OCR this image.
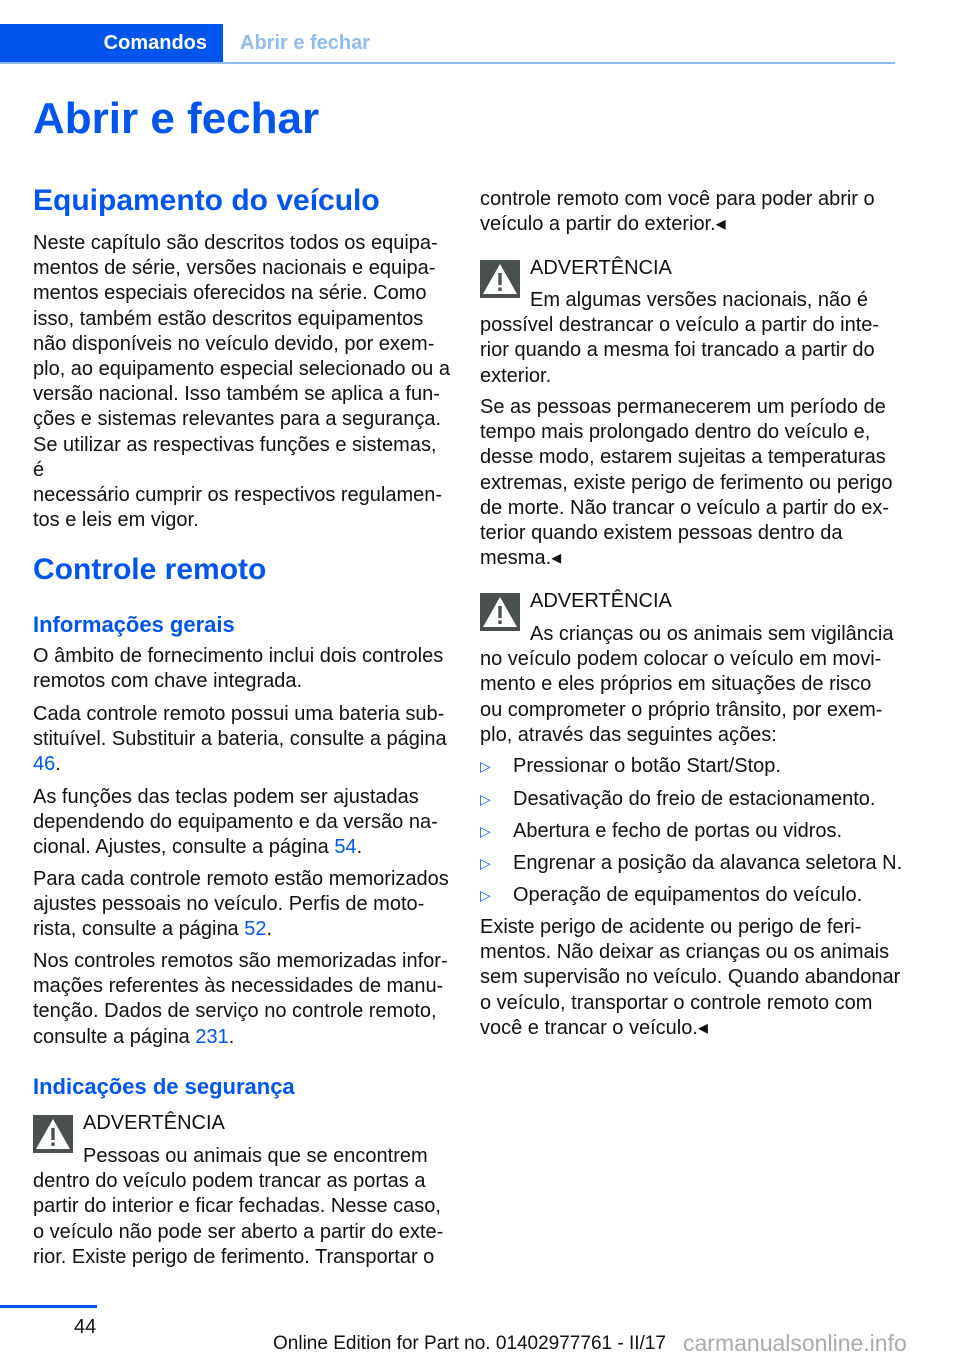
Comandos	Abrir e fechar
Abrir e fechar
Equipamento do veículo
Neste capítulo são descritos todos os equipa-
mentos de série, versões nacionais e equipa-
mentos especiais oferecidos na série. Como
isso, também estão descritos equipamentos
não disponíveis no veículo devido, por exem-
plo, ao equipamento especial selecionado ou a
versão nacional. Isso também se aplica a fun-
ções e sistemas relevantes para a segurança.
Se utilizar as respectivas funções e sistemas, é
necessário cumprir os respectivos regulamen-
tos e leis em vigor.
Controle remoto
Informações gerais
O âmbito de fornecimento inclui dois controles
remotos com chave integrada.
Cada controle remoto possui uma bateria sub-
stituível. Substituir a bateria, consulte a página
46.
As funções das teclas podem ser ajustadas
dependendo do equipamento e da versão na-
cional. Ajustes, consulte a página 54.
Para cada controle remoto estão memorizados
ajustes pessoais no veículo. Perfis de moto-
rista, consulte a página 52.
Nos controles remotos são memorizadas infor-
mações referentes às necessidades de manu-
tenção. Dados de serviço no controle remoto,
consulte a página 231.
Indicações de segurança
ADVERTÊNCIA
Pessoas ou animais que se encontrem
dentro do veículo podem trancar as portas a
partir do interior e ficar fechadas. Nesse caso,
o veículo não pode ser aberto a partir do exte-
rior. Existe perigo de ferimento. Transportar o
controle remoto com você para poder abrir o
veículo a partir do exterior.◂
ADVERTÊNCIA
Em algumas versões nacionais, não é
possível destrancar o veículo a partir do inte-
rior quando a mesma foi trancado a partir do
exterior.
Se as pessoas permanecerem um período de
tempo mais prolongado dentro do veículo e,
desse modo, estarem sujeitas a temperaturas
extremas, existe perigo de ferimento ou perigo
de morte. Não trancar o veículo a partir do ex-
terior quando existem pessoas dentro da
mesma.◂
ADVERTÊNCIA
As crianças ou os animais sem vigilância
no veículo podem colocar o veículo em movi-
mento e eles próprios em situações de risco
ou comprometer o próprio trânsito, por exem-
plo, através das seguintes ações:
▷ Pressionar o botão Start/Stop.
▷ Desativação do freio de estacionamento.
▷ Abertura e fecho de portas ou vidros.
▷ Engrenar a posição da alavanca seletora N.
▷ Operação de equipamentos do veículo.
Existe perigo de acidente ou perigo de feri-
mentos. Não deixar as crianças ou os animais
sem supervisão no veículo. Quando abandonar
o veículo, transportar o controle remoto com
você e trancar o veículo.◂
44
Online Edition for Part no. 01402977761 - II/17 carmanualsonline.info
